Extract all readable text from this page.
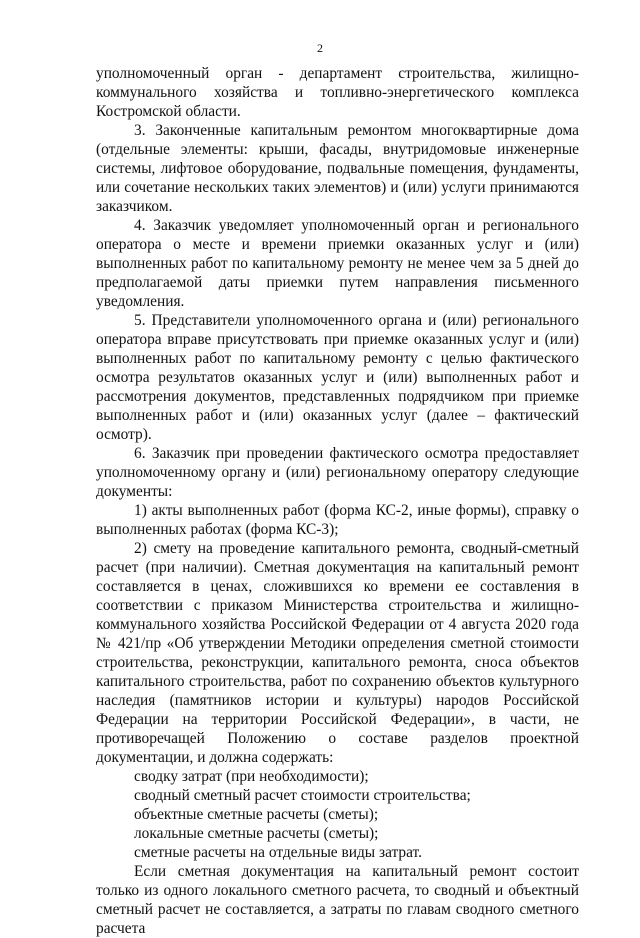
2

уполномоченный орган - департамент строительства, жилищно-коммунального хозяйства и топливно-энергетического комплекса Костромской области.

3. Законченные капитальным ремонтом многоквартирные дома (отдельные элементы: крыши, фасады, внутридомовые инженерные системы, лифтовое оборудование, подвальные помещения, фундаменты, или сочетание нескольких таких элементов) и (или) услуги принимаются заказчиком.

4. Заказчик уведомляет уполномоченный орган и регионального оператора о месте и времени приемки оказанных услуг и (или) выполненных работ по капитальному ремонту не менее чем за 5 дней до предполагаемой даты приемки путем направления письменного уведомления.

5. Представители уполномоченного органа и (или) регионального оператора вправе присутствовать при приемке оказанных услуг и (или) выполненных работ по капитальному ремонту с целью фактического осмотра результатов оказанных услуг и (или) выполненных работ и рассмотрения документов, представленных подрядчиком при приемке выполненных работ и (или) оказанных услуг (далее – фактический осмотр).

6. Заказчик при проведении фактического осмотра предоставляет уполномоченному органу и (или) региональному оператору следующие документы:

1) акты выполненных работ (форма КС-2, иные формы), справку о выполненных работах (форма КС-3);

2) смету на проведение капитального ремонта, сводный-сметный расчет (при наличии). Сметная документация на капитальный ремонт составляется в ценах, сложившихся ко времени ее составления в соответствии с приказом Министерства строительства и жилищно-коммунального хозяйства Российской Федерации от 4 августа 2020 года № 421/пр «Об утверждении Методики определения сметной стоимости строительства, реконструкции, капитального ремонта, сноса объектов капитального строительства, работ по сохранению объектов культурного наследия (памятников истории и культуры) народов Российской Федерации на территории Российской Федерации», в части, не противоречащей Положению о составе разделов проектной документации, и должна содержать:

сводку затрат (при необходимости);

сводный сметный расчет стоимости строительства;

объектные сметные расчеты (сметы);

локальные сметные расчеты (сметы);

сметные расчеты на отдельные виды затрат.

Если сметная документация на капитальный ремонт состоит только из одного локального сметного расчета, то сводный и объектный сметный расчет не составляется, а затраты по главам сводного сметного расчета
